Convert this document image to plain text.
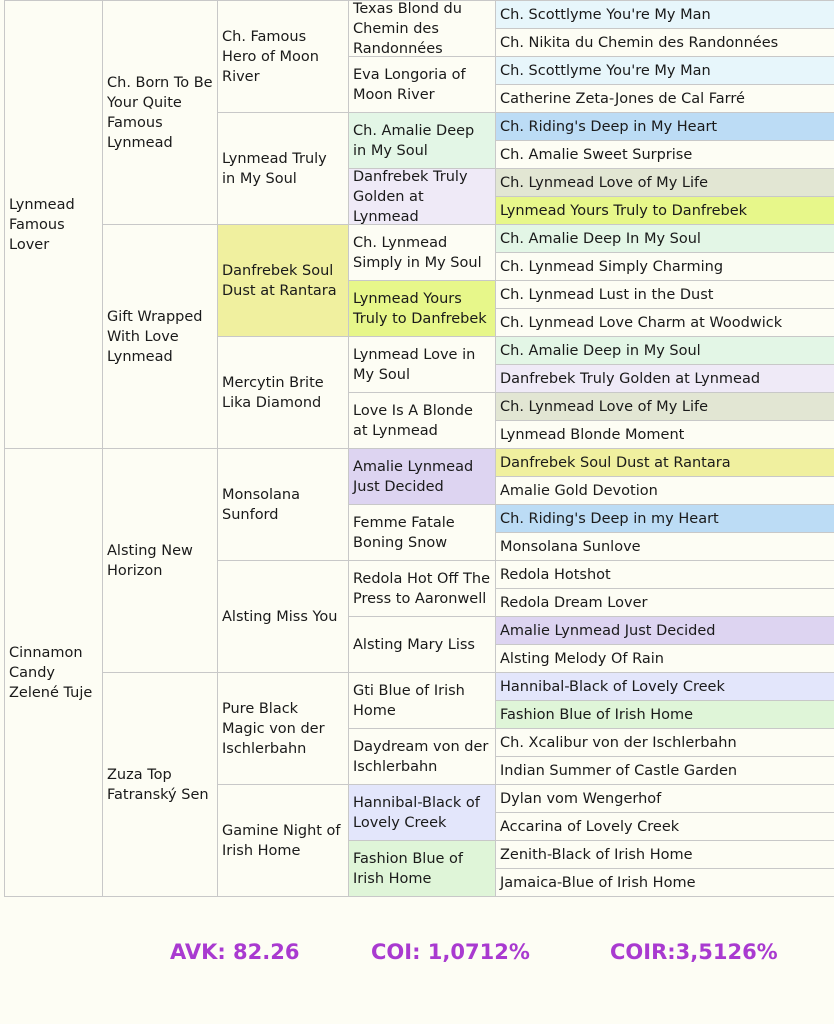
Lynmead Famous Lover
Cinnamon Candy Zelené Tuje
Ch. Born To Be Your Quite Famous Lynmead
Gift Wrapped With Love Lynmead
Alsting New Horizon
Zuza Top Fatranský Sen
Ch. Famous Hero of Moon River
Lynmead Truly in My Soul
Danfrebek Soul Dust at Rantara
Mercytin Brite Lika Diamond
Monsolana Sunford
Alsting Miss You
Pure Black Magic von der Ischlerbahn
Gamine Night of Irish Home
Texas Blond du Chemin des Randonnées
Eva Longoria of Moon River
Ch. Amalie Deep in My Soul
Danfrebek Truly Golden at Lynmead
Ch. Lynmead Simply in My Soul
Lynmead Yours Truly to Danfrebek
Lynmead Love in My Soul
Love Is A Blonde at Lynmead
Amalie Lynmead Just Decided
Femme Fatale Boning Snow
Redola Hot Off The Press to Aaronwell
Alsting Mary Liss
Gti Blue of Irish Home
Daydream von der Ischlerbahn
Hannibal-Black of Lovely Creek
Fashion Blue of Irish Home
Ch. Scottlyme You're My Man
Ch. Nikita du Chemin des Randonnées
Ch. Scottlyme You're My Man
Catherine Zeta-Jones de Cal Farré
Ch. Riding's Deep in My Heart
Ch. Amalie Sweet Surprise
Ch. Lynmead Love of My Life
Lynmead Yours Truly to Danfrebek
Ch. Amalie Deep In My Soul
Ch. Lynmead Simply Charming
Ch. Lynmead Lust in the Dust
Ch. Lynmead Love Charm at Woodwick
Ch. Amalie Deep in My Soul
Danfrebek Truly Golden at Lynmead
Ch. Lynmead Love of My Life
Lynmead Blonde Moment
Danfrebek Soul Dust at Rantara
Amalie Gold Devotion
Ch. Riding's Deep in my Heart
Monsolana Sunlove
Redola Hotshot
Redola Dream Lover
Amalie Lynmead Just Decided
Alsting Melody Of Rain
Hannibal-Black of Lovely Creek
Fashion Blue of Irish Home
Ch. Xcalibur von der Ischlerbahn
Indian Summer of Castle Garden
Dylan vom Wengerhof
Accarina of Lovely Creek
Zenith-Black of Irish Home
Jamaica-Blue of Irish Home
AVK: 82.26	COI: 1,0712%	COIR:3,5126%
